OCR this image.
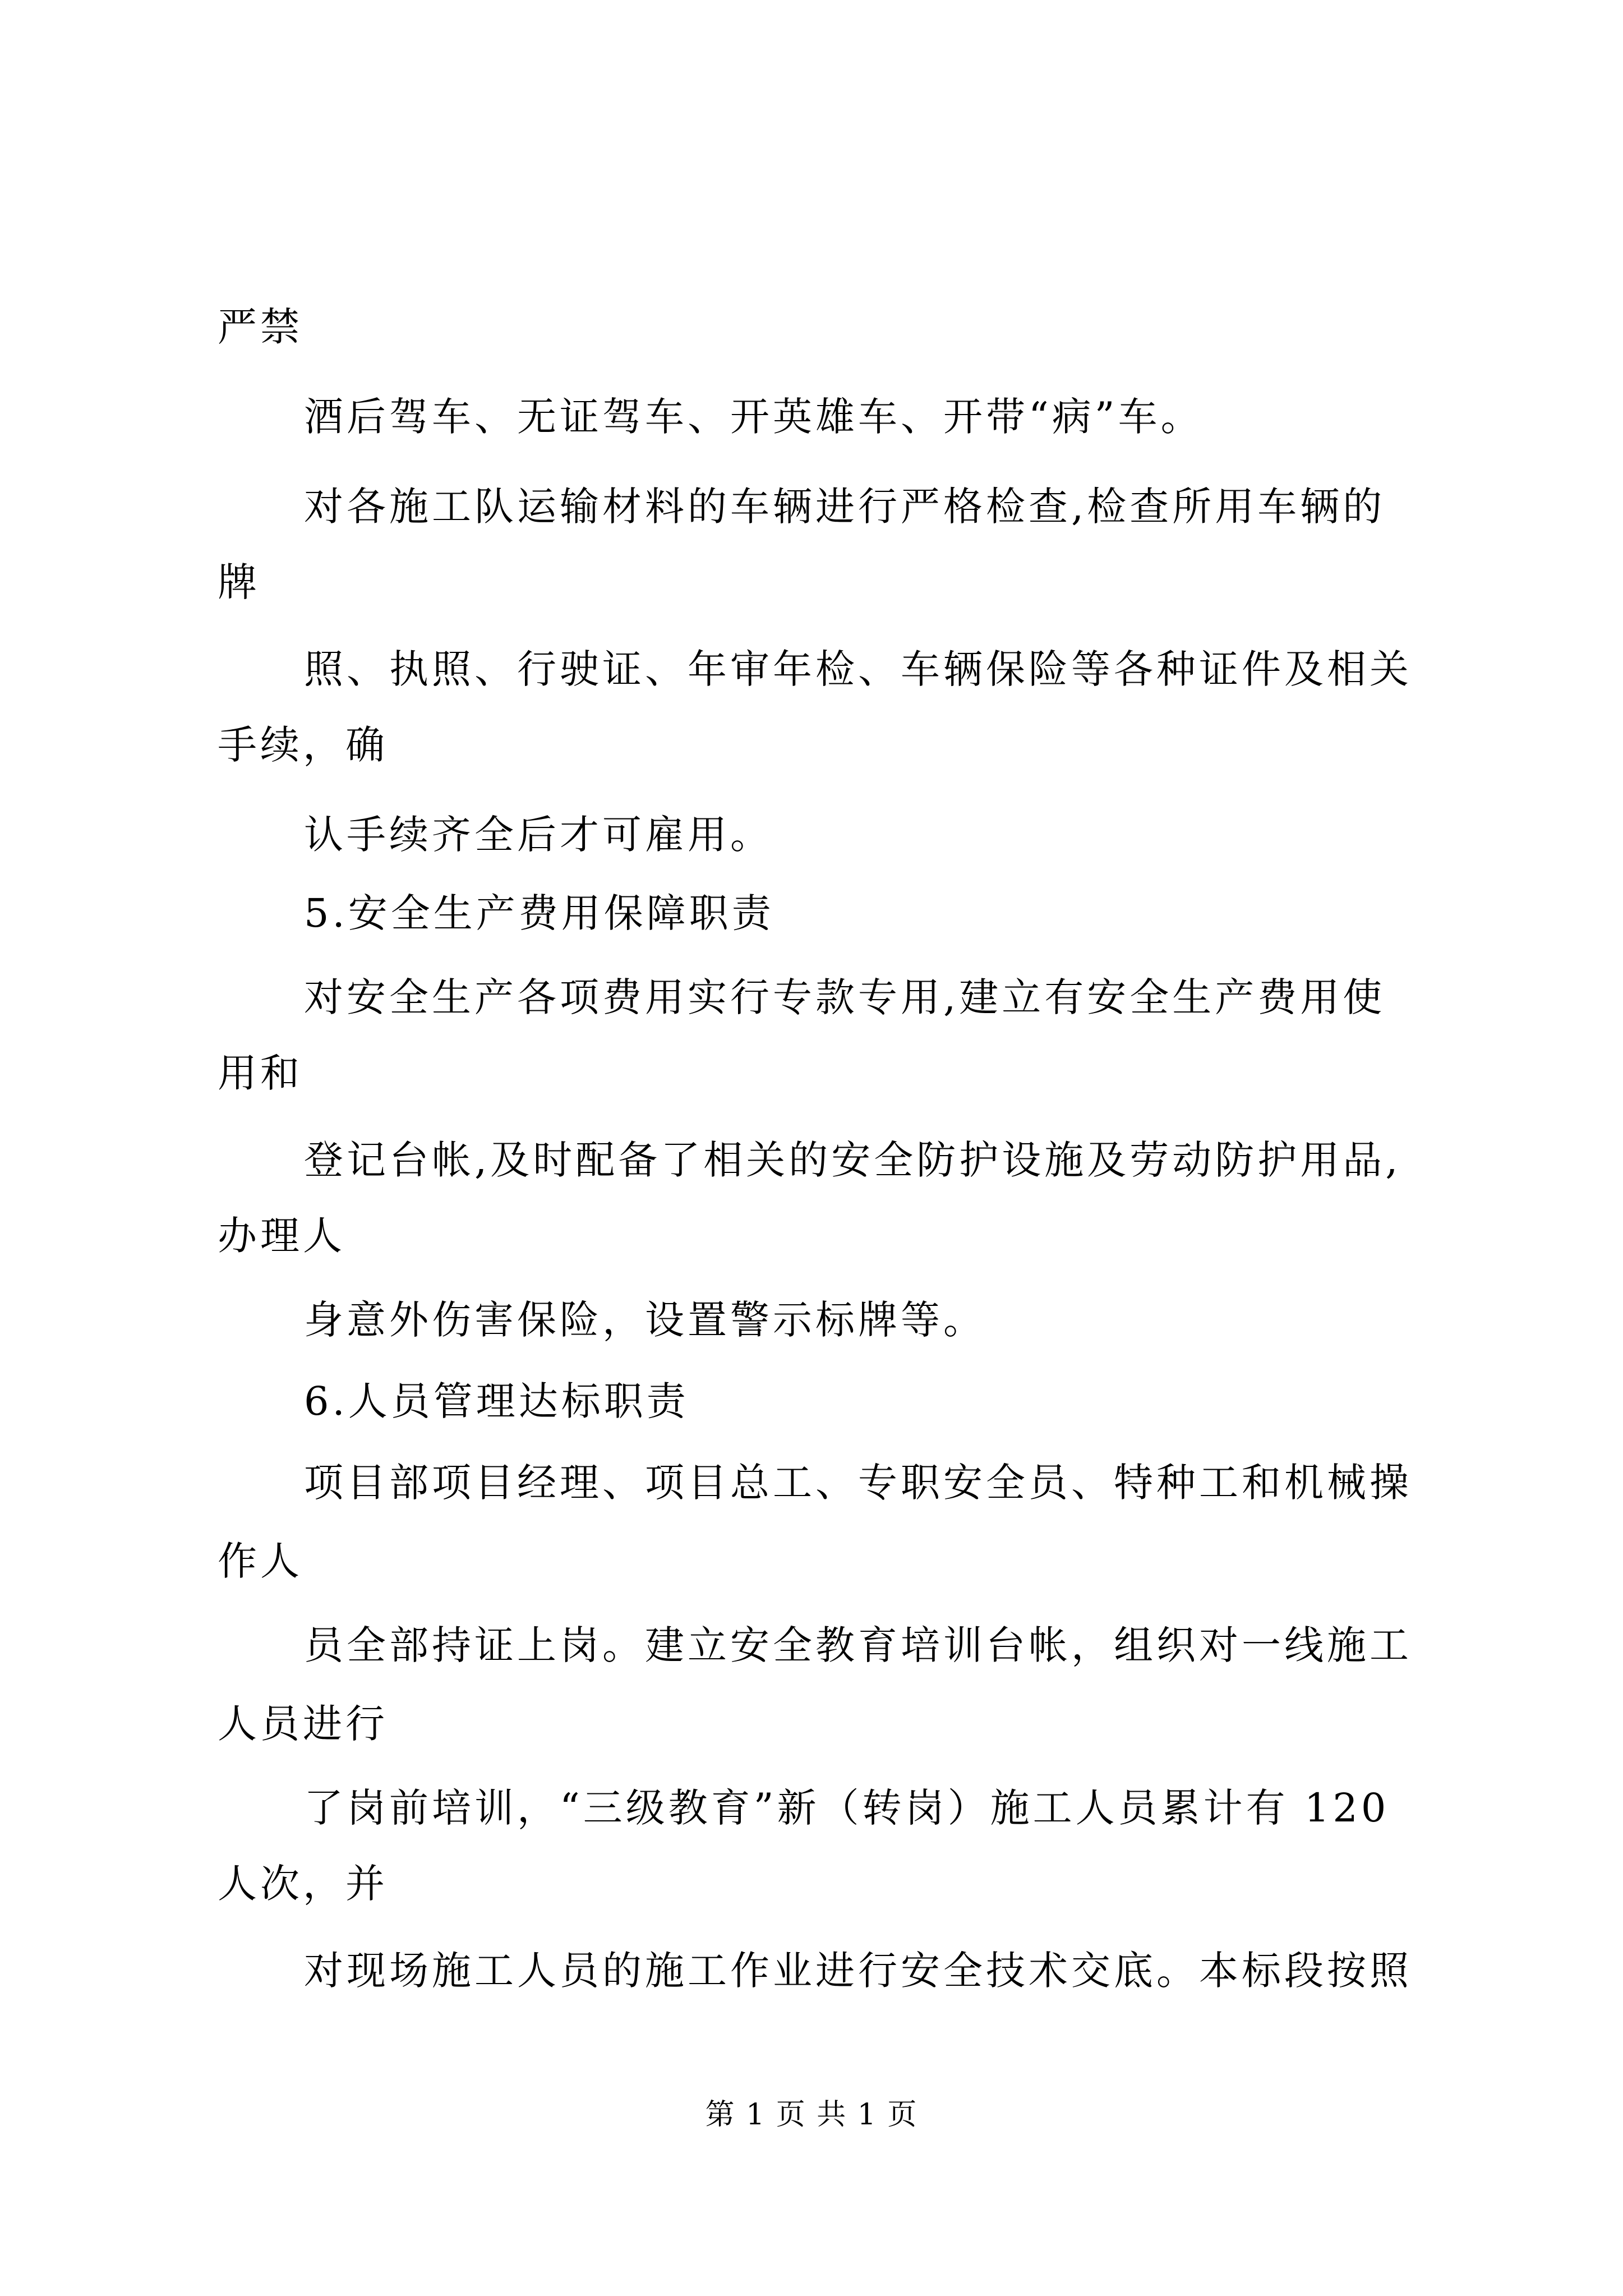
严禁

酒后驾车、无证驾车、开英雄车、开带“病”车。

对各施工队运输材料的车辆进行严格检查,检查所用车辆的

牌

照、执照、行驶证、年审年检、车辆保险等各种证件及相关

手续，确

认手续齐全后才可雇用。

5.安全生产费用保障职责

对安全生产各项费用实行专款专用,建立有安全生产费用使

用和

登记台帐,及时配备了相关的安全防护设施及劳动防护用品,

办理人

身意外伤害保险，设置警示标牌等。

6.人员管理达标职责

项目部项目经理、项目总工、专职安全员、特种工和机械操

作人

员全部持证上岗。建立安全教育培训台帐，组织对一线施工

人员进行

了岗前培训，“三级教育”新（转岗）施工人员累计有 120

人次，并

对现场施工人员的施工作业进行安全技术交底。本标段按照

第 1 页 共 1 页
